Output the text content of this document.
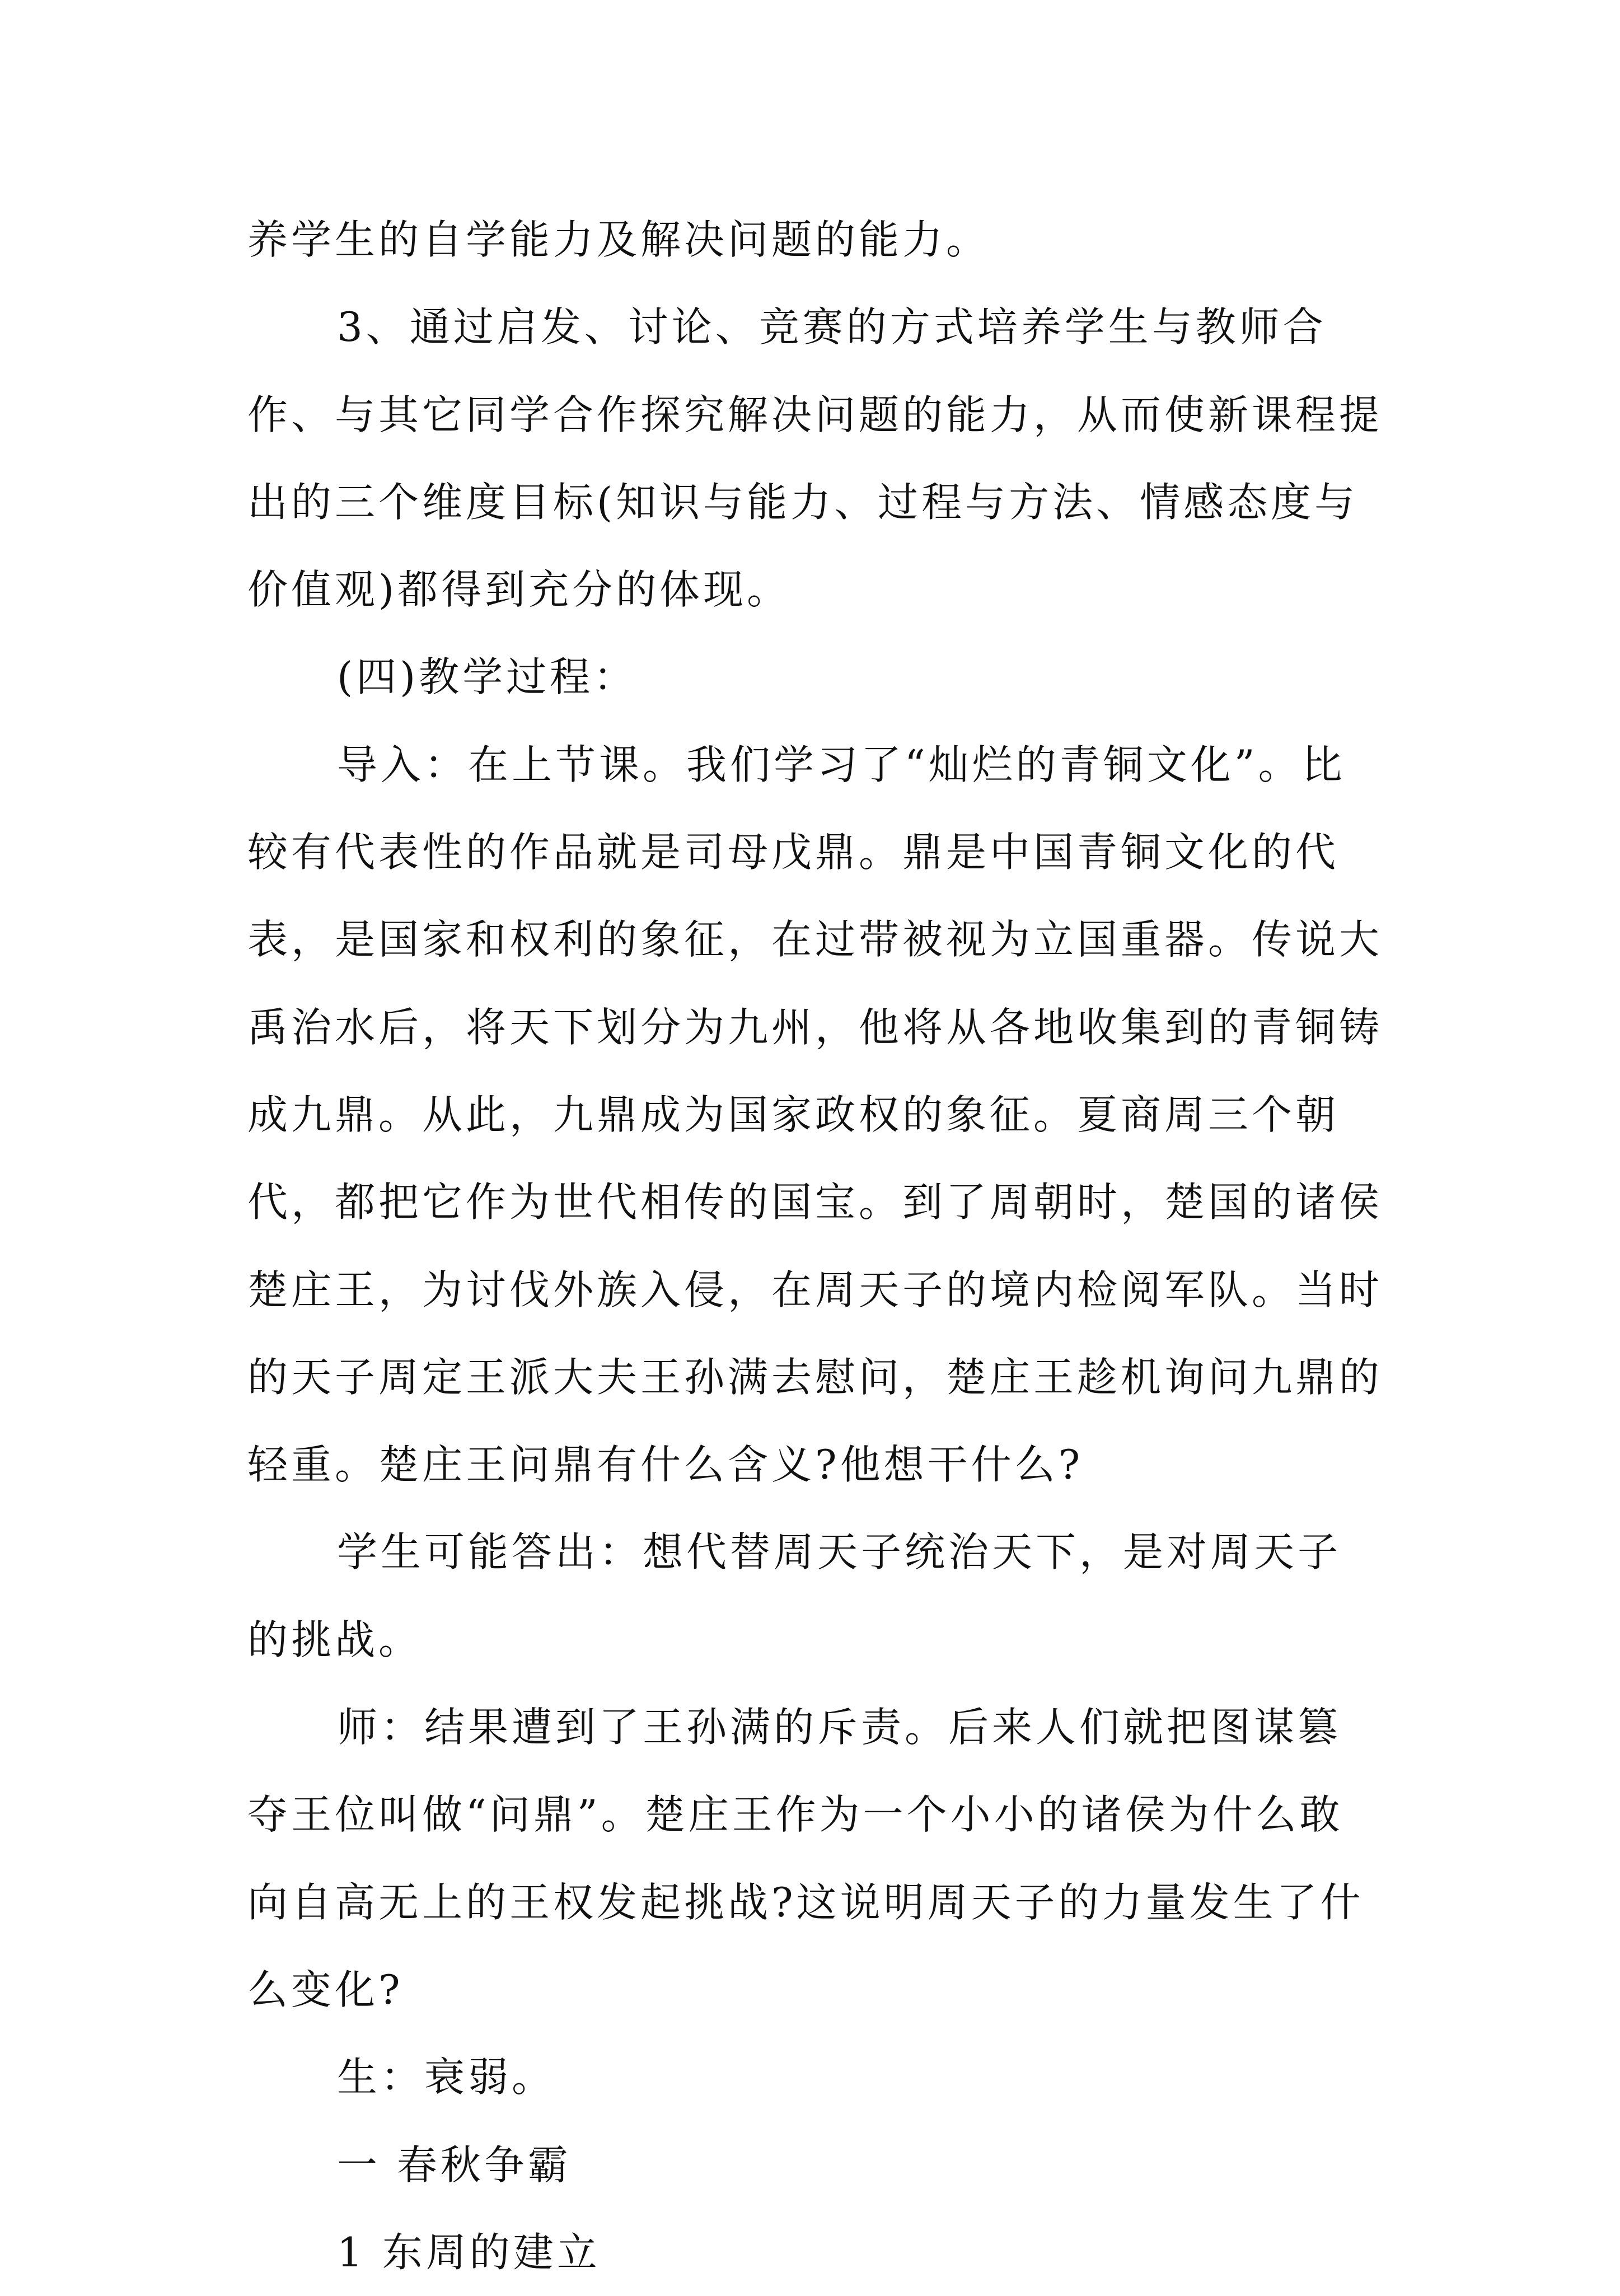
养学生的自学能力及解决问题的能力。

3、通过启发、讨论、竞赛的方式培养学生与教师合作、与其它同学合作探究解决问题的能力，从而使新课程提出的三个维度目标(知识与能力、过程与方法、情感态度与价值观)都得到充分的体现。

(四)教学过程：

导入：在上节课。我们学习了“灿烂的青铜文化”。比较有代表性的作品就是司母戊鼎。鼎是中国青铜文化的代表，是国家和权利的象征，在过带被视为立国重器。传说大禹治水后，将天下划分为九州，他将从各地收集到的青铜铸成九鼎。从此，九鼎成为国家政权的象征。夏商周三个朝代，都把它作为世代相传的国宝。到了周朝时，楚国的诸侯楚庄王，为讨伐外族入侵，在周天子的境内检阅军队。当时的天子周定王派大夫王孙满去慰问，楚庄王趁机询问九鼎的轻重。楚庄王问鼎有什么含义?他想干什么?

学生可能答出：想代替周天子统治天下，是对周天子的挑战。

师：结果遭到了王孙满的斥责。后来人们就把图谋篡夺王位叫做“问鼎”。楚庄王作为一个小小的诸侯为什么敢向自高无上的王权发起挑战?这说明周天子的力量发生了什么变化?

生：衰弱。

一 春秋争霸

1 东周的建立
